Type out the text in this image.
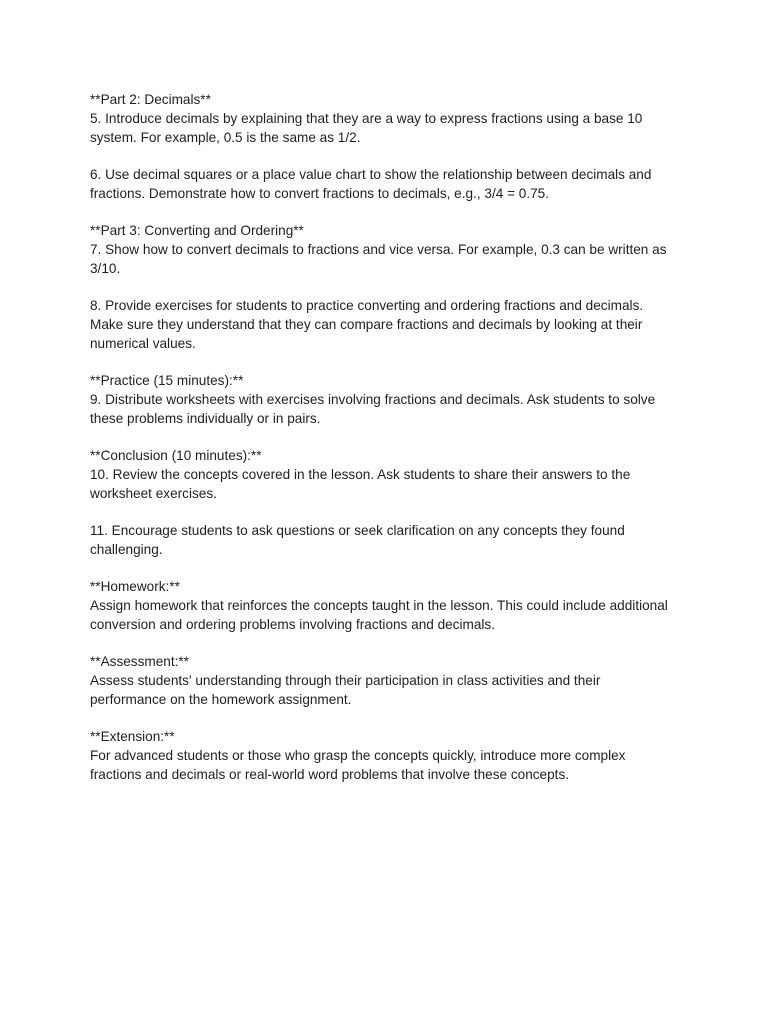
**Part 2: Decimals**
5. Introduce decimals by explaining that they are a way to express fractions using a base 10
system. For example, 0.5 is the same as 1/2.
6. Use decimal squares or a place value chart to show the relationship between decimals and
fractions. Demonstrate how to convert fractions to decimals, e.g., 3/4 = 0.75.
**Part 3: Converting and Ordering**
7. Show how to convert decimals to fractions and vice versa. For example, 0.3 can be written as
3/10.
8. Provide exercises for students to practice converting and ordering fractions and decimals.
Make sure they understand that they can compare fractions and decimals by looking at their
numerical values.
**Practice (15 minutes):**
9. Distribute worksheets with exercises involving fractions and decimals. Ask students to solve
these problems individually or in pairs.
**Conclusion (10 minutes):**
10. Review the concepts covered in the lesson. Ask students to share their answers to the
worksheet exercises.
11. Encourage students to ask questions or seek clarification on any concepts they found
challenging.
**Homework:**
Assign homework that reinforces the concepts taught in the lesson. This could include additional
conversion and ordering problems involving fractions and decimals.
**Assessment:**
Assess students' understanding through their participation in class activities and their
performance on the homework assignment.
**Extension:**
For advanced students or those who grasp the concepts quickly, introduce more complex
fractions and decimals or real-world word problems that involve these concepts.
